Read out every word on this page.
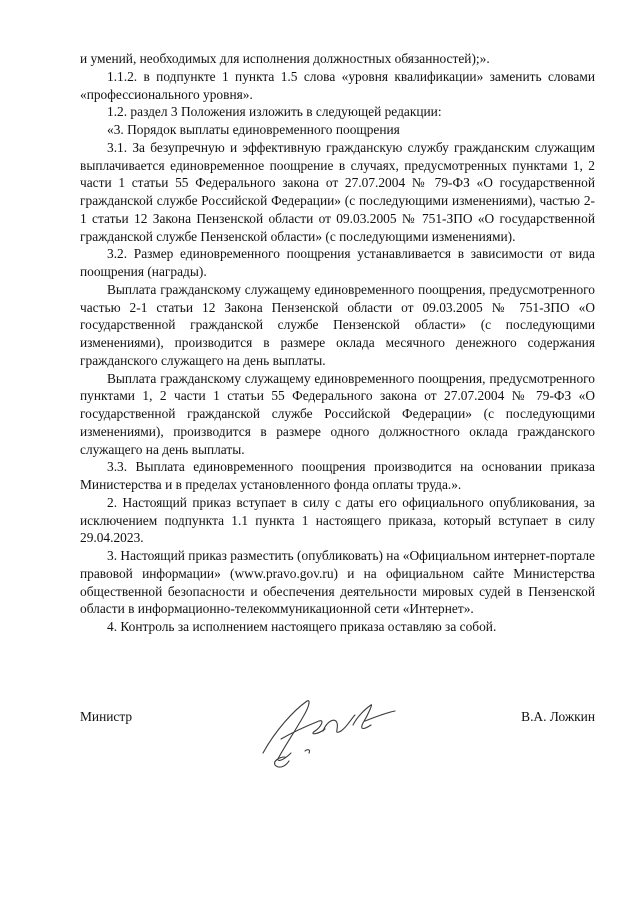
и умений, необходимых для исполнения должностных обязанностей);».

1.1.2. в подпункте 1 пункта 1.5 слова «уровня квалификации» заменить словами «профессионального уровня».

1.2. раздел 3 Положения изложить в следующей редакции:

«3. Порядок выплаты единовременного поощрения

3.1. За безупречную и эффективную гражданскую службу гражданским служащим выплачивается единовременное поощрение в случаях, предусмотренных пунктами 1, 2 части 1 статьи 55 Федерального закона от 27.07.2004 № 79-ФЗ «О государственной гражданской службе Российской Федерации» (с последующими изменениями), частью 2-1 статьи 12 Закона Пензенской области от 09.03.2005 № 751-ЗПО «О государственной гражданской службе Пензенской области» (с последующими изменениями).

3.2. Размер единовременного поощрения устанавливается в зависимости от вида поощрения (награды).

Выплата гражданскому служащему единовременного поощрения, предусмотренного частью 2-1 статьи 12 Закона Пензенской области от 09.03.2005 № 751-ЗПО «О государственной гражданской службе Пензенской области» (с последующими изменениями), производится в размере оклада месячного денежного содержания гражданского служащего на день выплаты.

Выплата гражданскому служащему единовременного поощрения, предусмотренного пунктами 1, 2 части 1 статьи 55 Федерального закона от 27.07.2004 № 79-ФЗ «О государственной гражданской службе Российской Федерации» (с последующими изменениями), производится в размере одного должностного оклада гражданского служащего на день выплаты.

3.3. Выплата единовременного поощрения производится на основании приказа Министерства и в пределах установленного фонда оплаты труда.».

2. Настоящий приказ вступает в силу с даты его официального опубликования, за исключением подпункта 1.1 пункта 1 настоящего приказа, который вступает в силу 29.04.2023.

3. Настоящий приказ разместить (опубликовать) на «Официальном интернет-портале правовой информации» (www.pravo.gov.ru) и на официальном сайте Министерства общественной безопасности и обеспечения деятельности мировых судей в Пензенской области в информационно-телекоммуникационной сети «Интернет».

4. Контроль за исполнением настоящего приказа оставляю за собой.

Министр	В.А. Ложкин
